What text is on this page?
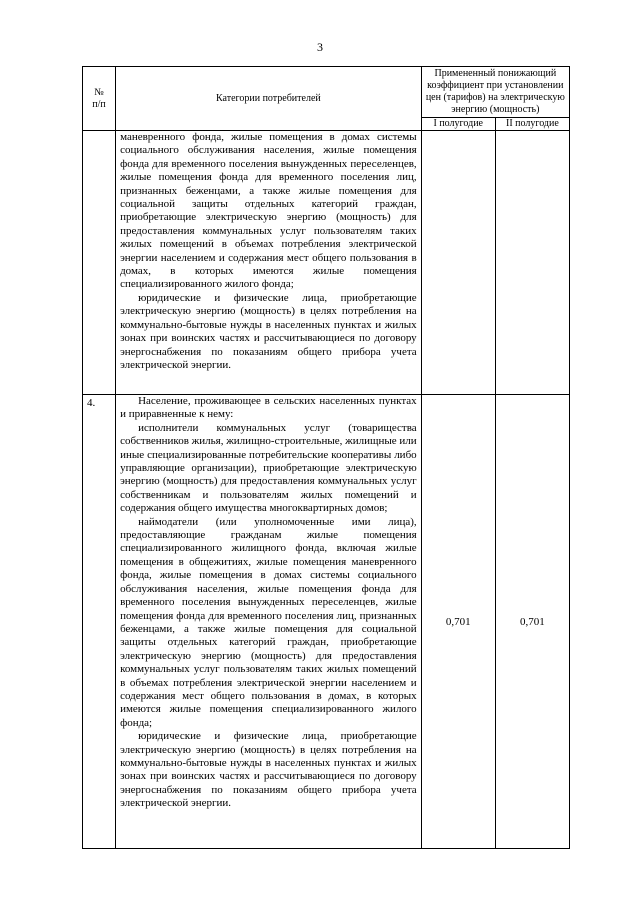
3
№
п/п	Категории потребителей	Примененный понижающий коэффициент при установлении цен (тарифов) на электрическую энергию (мощность)	
		I полугодие	II полугодие

	маневренного фонда, жилые помещения в домах системы социального обслуживания населения, жилые помещения фонда для временного поселения вынужденных переселенцев, жилые помещения фонда для временного поселения лиц, признанных беженцами, а также жилые помещения для социальной защиты отдельных категорий граждан, приобретающие электрическую энергию (мощность) для предоставления коммунальных услуг пользователям таких жилых помещений в объемах потребления электрической энергии населением и содержания мест общего пользования в домах, в которых имеются жилые помещения специализированного жилого фонда;

юридические и физические лица, приобретающие электрическую энергию (мощность) в целях потребления на коммунально-бытовые нужды в населенных пунктах и жилых зонах при воинских частях и рассчитывающиеся по договору энергоснабжения по показаниям общего прибора учета электрической энергии.		

4.	Население, проживающее в сельских населенных пунктах и приравненные к нему:

исполнители коммунальных услуг (товарищества собственников жилья, жилищно-строительные, жилищные или иные специализированные потребительские кооперативы либо управляющие организации), приобретающие электрическую энергию (мощность) для предоставления коммунальных услуг собственникам и пользователям жилых помещений и содержания общего имущества многоквартирных домов;

наймодатели (или уполномоченные ими лица), предоставляющие гражданам жилые помещения специализированного жилищного фонда, включая жилые помещения в общежитиях, жилые помещения маневренного фонда, жилые помещения в домах системы социального обслуживания населения, жилые помещения фонда для временного поселения вынужденных переселенцев, жилые помещения фонда для временного поселения лиц, признанных беженцами, а также жилые помещения для социальной защиты отдельных категорий граждан, приобретающие электрическую энергию (мощность) для предоставления коммунальных услуг пользователям таких жилых помещений в объемах потребления электрической энергии населением и содержания мест общего пользования в домах, в которых имеются жилые помещения специализированного жилого фонда;

юридические и физические лица, приобретающие электрическую энергию (мощность) в целях потребления на коммунально-бытовые нужды в населенных пунктах и жилых зонах при воинских частях и рассчитывающиеся по договору энергоснабжения по показаниям общего прибора учета электрической энергии.	0,701	0,701
